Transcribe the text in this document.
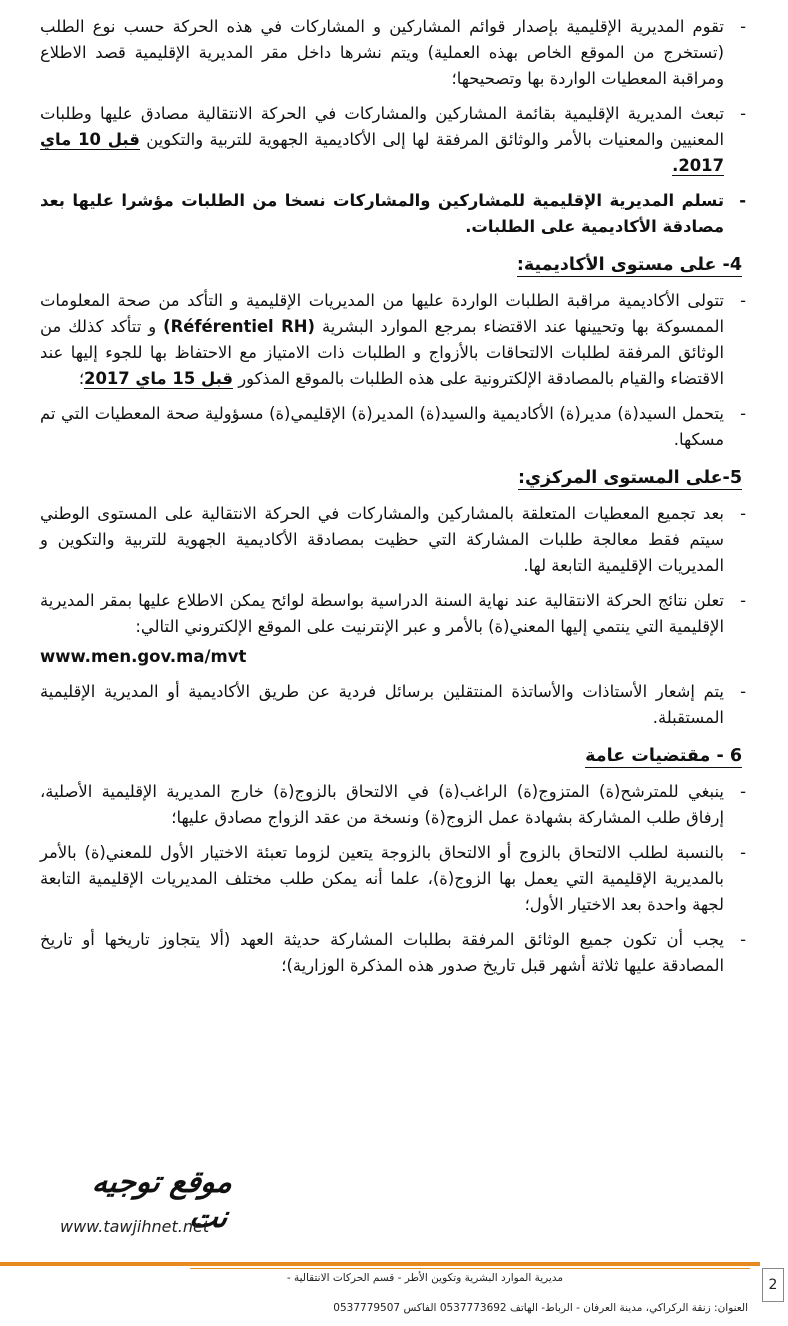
-
تقوم المديرية الإقليمية بإصدار قوائم المشاركين و المشاركات في هذه الحركة حسب نوع الطلب (تستخرج من الموقع الخاص بهذه العملية) ويتم نشرها داخل مقر المديرية الإقليمية قصد الاطلاع ومراقبة المعطيات الواردة بها وتصحيحها؛
-
تبعث المديرية الإقليمية بقائمة المشاركين والمشاركات في الحركة الانتقالية مصادق عليها وطلبات المعنيين والمعنيات بالأمر والوثائق المرفقة لها إلى الأكاديمية الجهوية للتربية والتكوين قبل 10 ماي 2017.
-
تسلم المديرية الإقليمية للمشاركين والمشاركات نسخا من الطلبات مؤشرا عليها بعد مصادقة الأكاديمية على الطلبات.
4- على مستوى الأكاديمية:
-
تتولى الأكاديمية مراقبة الطلبات الواردة عليها من المديريات الإقليمية و التأكد من صحة المعلومات الممسوكة بها وتحيينها عند الاقتضاء بمرجع الموارد البشرية (Référentiel RH) و تتأكد كذلك من الوثائق المرفقة لطلبات الالتحاقات بالأزواج و الطلبات ذات الامتياز مع الاحتفاظ بها للجوء إليها عند الاقتضاء والقيام بالمصادقة الإلكترونية على هذه الطلبات بالموقع المذكور قبل 15 ماي 2017؛
-
يتحمل السيد(ة) مدير(ة) الأكاديمية والسيد(ة) المدير(ة) الإقليمي(ة) مسؤولية صحة المعطيات التي تم مسكها.
5-على المستوى المركزي:
-
بعد تجميع المعطيات المتعلقة بالمشاركين والمشاركات في الحركة الانتقالية على المستوى الوطني سيتم فقط معالجة طلبات المشاركة التي حظيت بمصادقة الأكاديمية الجهوية للتربية والتكوين و المديريات الإقليمية التابعة لها.
-
تعلن نتائج الحركة الانتقالية عند نهاية السنة الدراسية بواسطة لوائح يمكن الاطلاع عليها بمقر المديرية الإقليمية التي ينتمي إليها المعني(ة) بالأمر و عبر الإنترنيت على الموقع الإلكتروني التالي:
www.men.gov.ma/mvt
-
يتم إشعار الأستاذات والأساتذة المنتقلين برسائل فردية عن طريق الأكاديمية أو المديرية الإقليمية المستقبلة.
6 - مقتضيات عامة
-
ينبغي للمترشح(ة) المتزوج(ة) الراغب(ة) في الالتحاق بالزوج(ة) خارج المديرية الإقليمية الأصلية، إرفاق طلب المشاركة بشهادة عمل الزوج(ة) ونسخة من عقد الزواج مصادق عليها؛
-
بالنسبة لطلب الالتحاق بالزوج أو الالتحاق بالزوجة يتعين لزوما تعبئة الاختيار الأول للمعني(ة) بالأمر بالمديرية الإقليمية التي يعمل بها الزوج(ة)، علما أنه يمكن طلب مختلف المديريات الإقليمية التابعة لجهة واحدة بعد الاختيار الأول؛
-
يجب أن تكون جميع الوثائق المرفقة بطلبات المشاركة حديثة العهد (ألا يتجاوز تاريخها أو تاريخ المصادقة عليها ثلاثة أشهر قبل تاريخ صدور هذه المذكرة الوزارية)؛
موقع توجيه نت
www.tawjihnet.net
مديرية الموارد البشرية وتكوين الأطر - قسم الحركات الانتقالية -
العنوان: زنقة الركراكي، مدينة العرفان - الرباط- الهاتف 0537773692 الفاكس 0537779507
2
